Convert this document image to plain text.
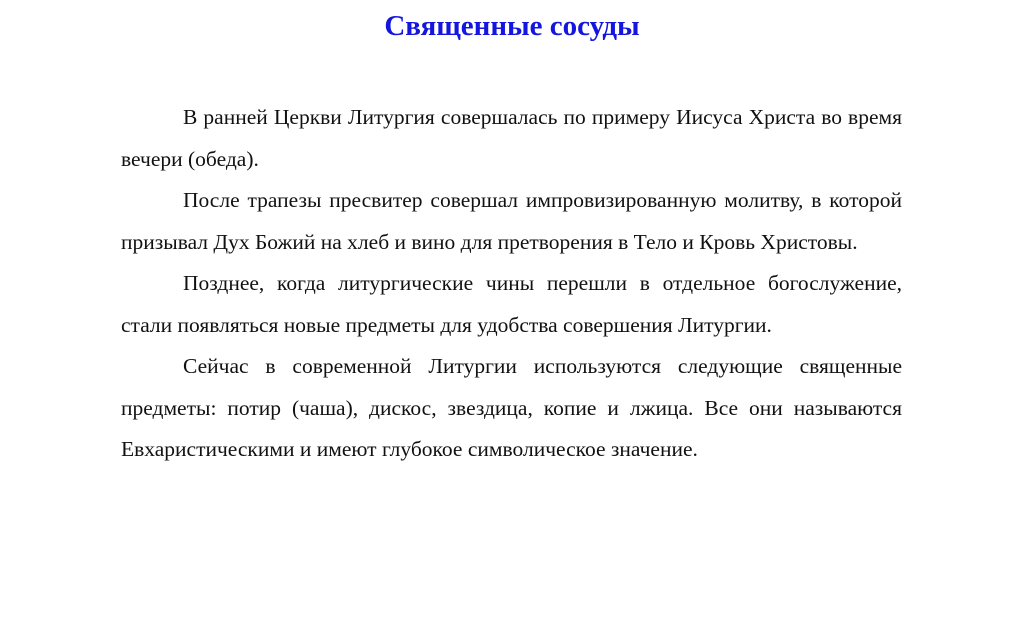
Священные сосуды

В ранней Церкви Литургия совершалась по примеру Иисуса Христа во время вечери (обеда).

После трапезы пресвитер совершал импровизированную молитву, в которой призывал Дух Божий на хлеб и вино для претворения в Тело и Кровь Христовы.

Позднее, когда литургические чины перешли в отдельное богослужение, стали появляться новые предметы для удобства совершения Литургии.

Сейчас в современной Литургии используются следующие священные предметы: потир (чаша), дискос, звездица, копие и лжица. Все они называются Евхаристическими и имеют глубокое символическое значение.
